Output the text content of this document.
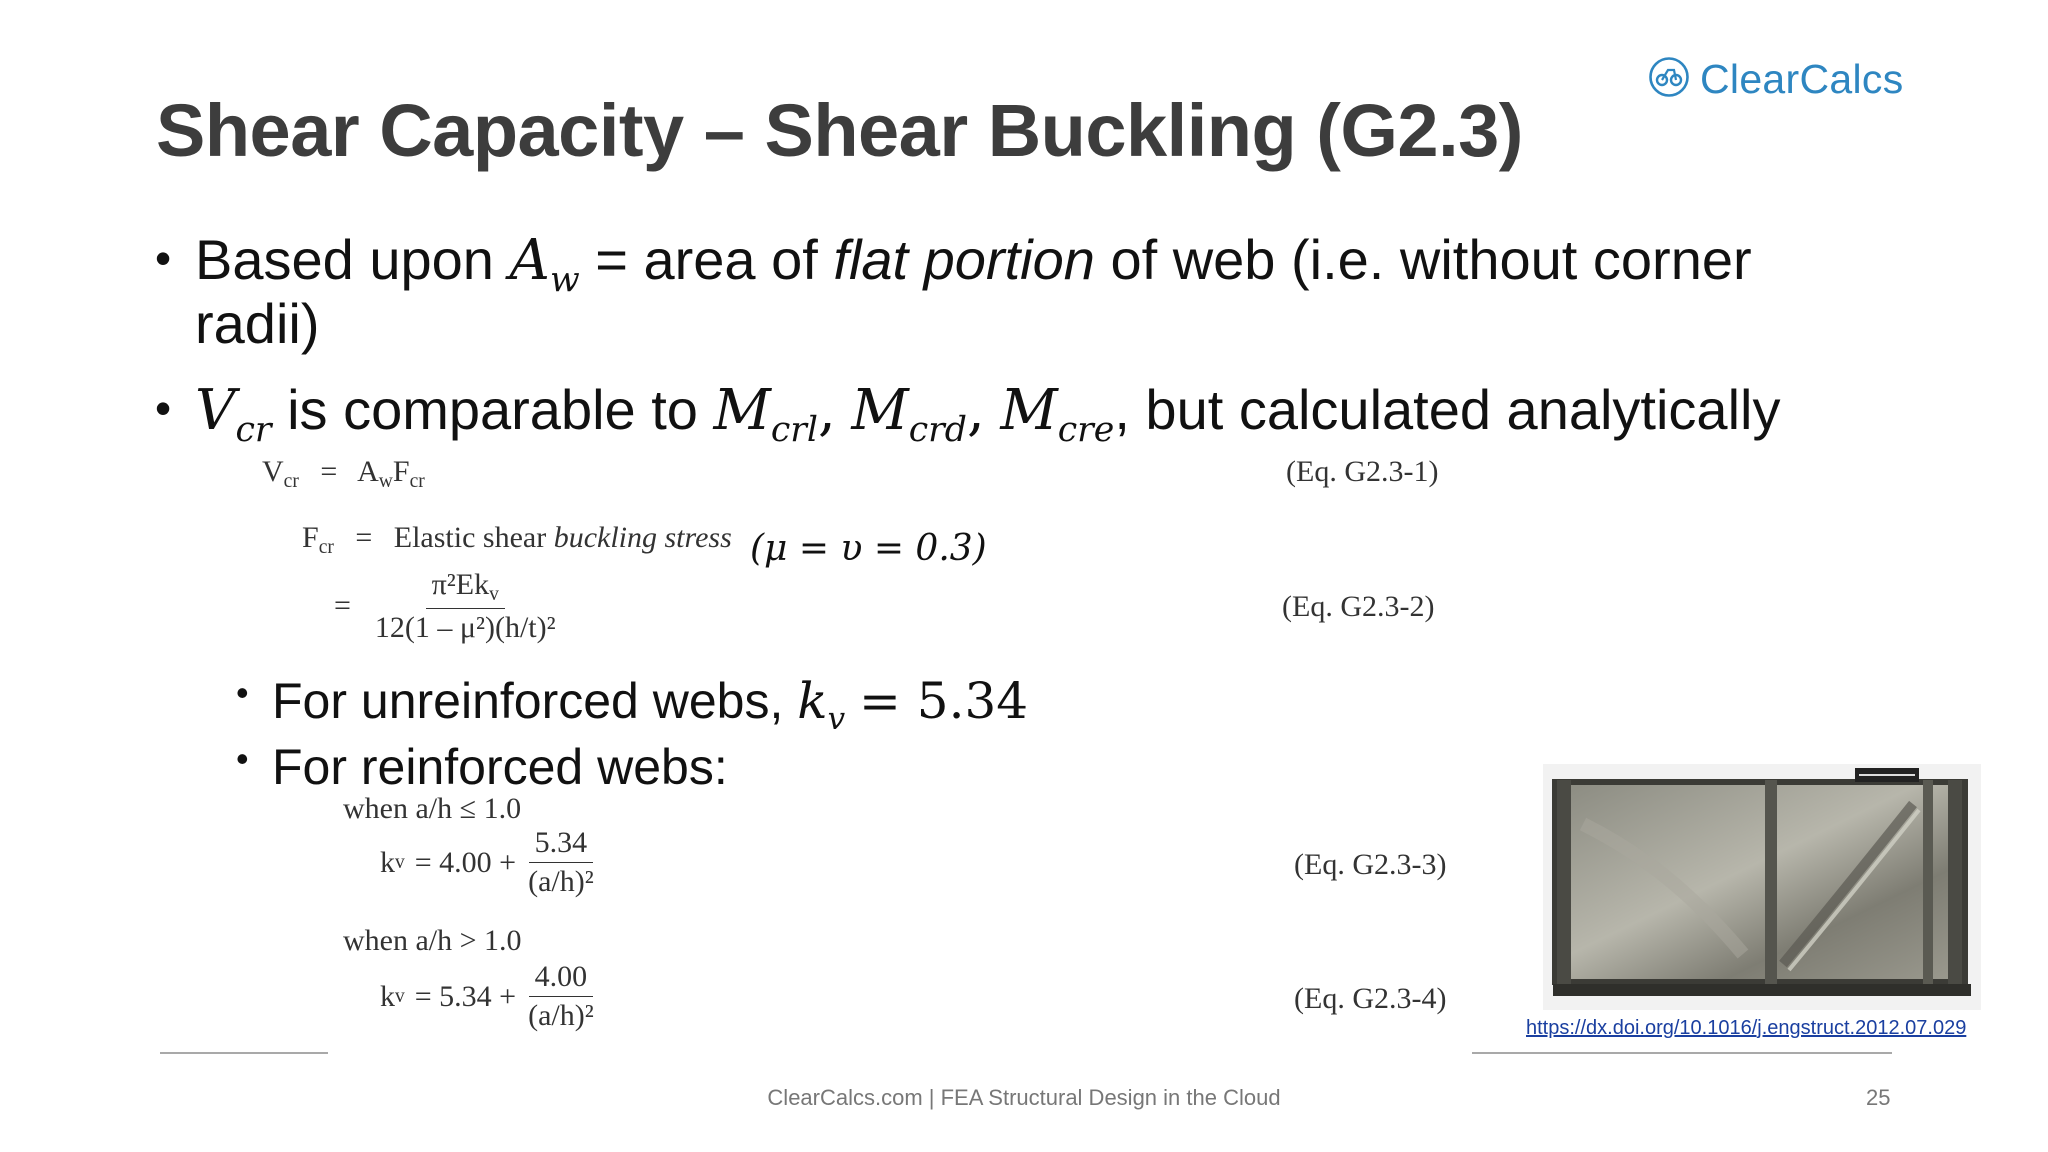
ClearCalcs
Shear Capacity – Shear Buckling (G2.3)
• Based upon $A_w$ = area of flat portion of web (i.e. without corner
radii)
• $V_{cr}$ is comparable to $M_{crl}$, $M_{crd}$, $M_{cre}$, but calculated analytically
Vcr = AwFcr	(Eq. G2.3-1)
Fcr = Elastic shear buckling stress (μ = υ = 0.3)
= $\frac{\text{π²Ekv}}{\text{12(1 – μ²)(h/t)²}}$	(Eq. G2.3-2)
• For unreinforced webs, $k_v = 5.34$
• For reinforced webs:
when a/h ≤ 1.0
k $v = 4.00 + \frac{5.34}{\text{(a/h)²}}$	(Eq. G2.3-3)
when a/h > 1.0
k $v = 5.34 + \frac{4.00}{\text{(a/h)²}}$	(Eq. G2.3-4)
https://dx.doi.org/10.1016/j.engstruct.2012.07.029
ClearCalcs.com | FEA Structural Design in the Cloud	25
